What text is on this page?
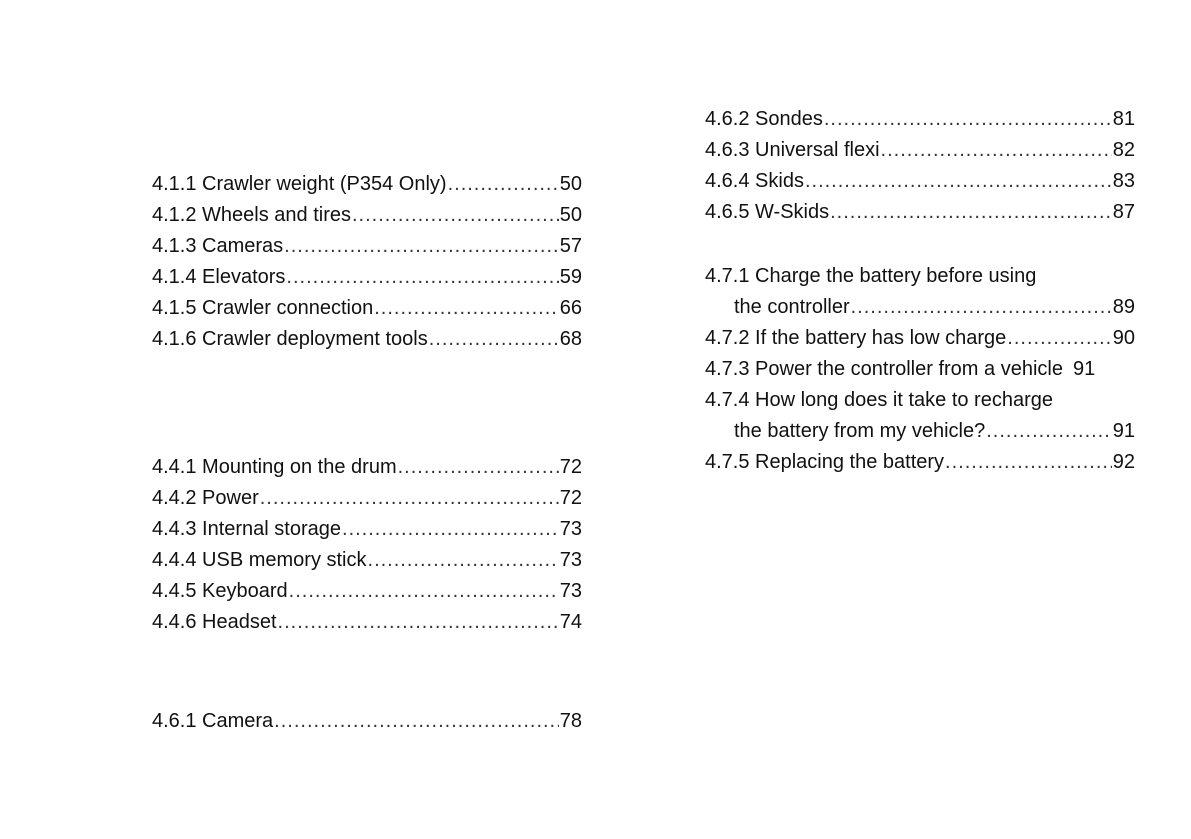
4.1.1 Crawler weight (P354 Only) .....	50
4.1.2 Wheels and tires .....	50
4.1.3 Cameras .....	57
4.1.4 Elevators .....	59
4.1.5 Crawler connection .....	66
4.1.6 Crawler deployment tools .....	68
4.4.1 Mounting on the drum .....	72
4.4.2 Power .....	72
4.4.3 Internal storage .....	73
4.4.4 USB memory stick .....	73
4.4.5 Keyboard .....	73
4.4.6 Headset .....	74
4.6.1 Camera .....	78
4.6.2 Sondes .....	81
4.6.3 Universal flexi .....	82
4.6.4 Skids .....	83
4.6.5 W-Skids .....	87
4.7.1 Charge the battery before using
the controller .....	89
4.7.2 If the battery has low charge .....	90
4.7.3 Power the controller from a vehicle 91
4.7.4 How long does it take to recharge
the battery from my vehicle? .....	91
4.7.5 Replacing the battery .....	92
